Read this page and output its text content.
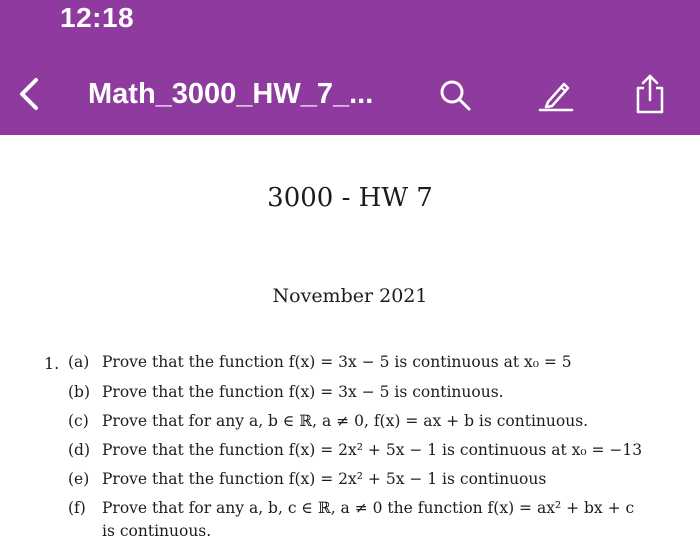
12:18
Math_3000_HW_7_...
3000 - HW 7
November 2021
1. (a) Prove that the function f(x) = 3x − 5 is continuous at x₀ = 5
(b) Prove that the function f(x) = 3x − 5 is continuous.
(c) Prove that for any a, b ∈ ℝ, a ≠ 0, f(x) = ax + b is continuous.
(d) Prove that the function f(x) = 2x² + 5x − 1 is continuous at x₀ = −13
(e) Prove that the function f(x) = 2x² + 5x − 1 is continuous
(f) Prove that for any a, b, c ∈ ℝ, a ≠ 0 the function f(x) = ax² + bx + c
is continuous.
